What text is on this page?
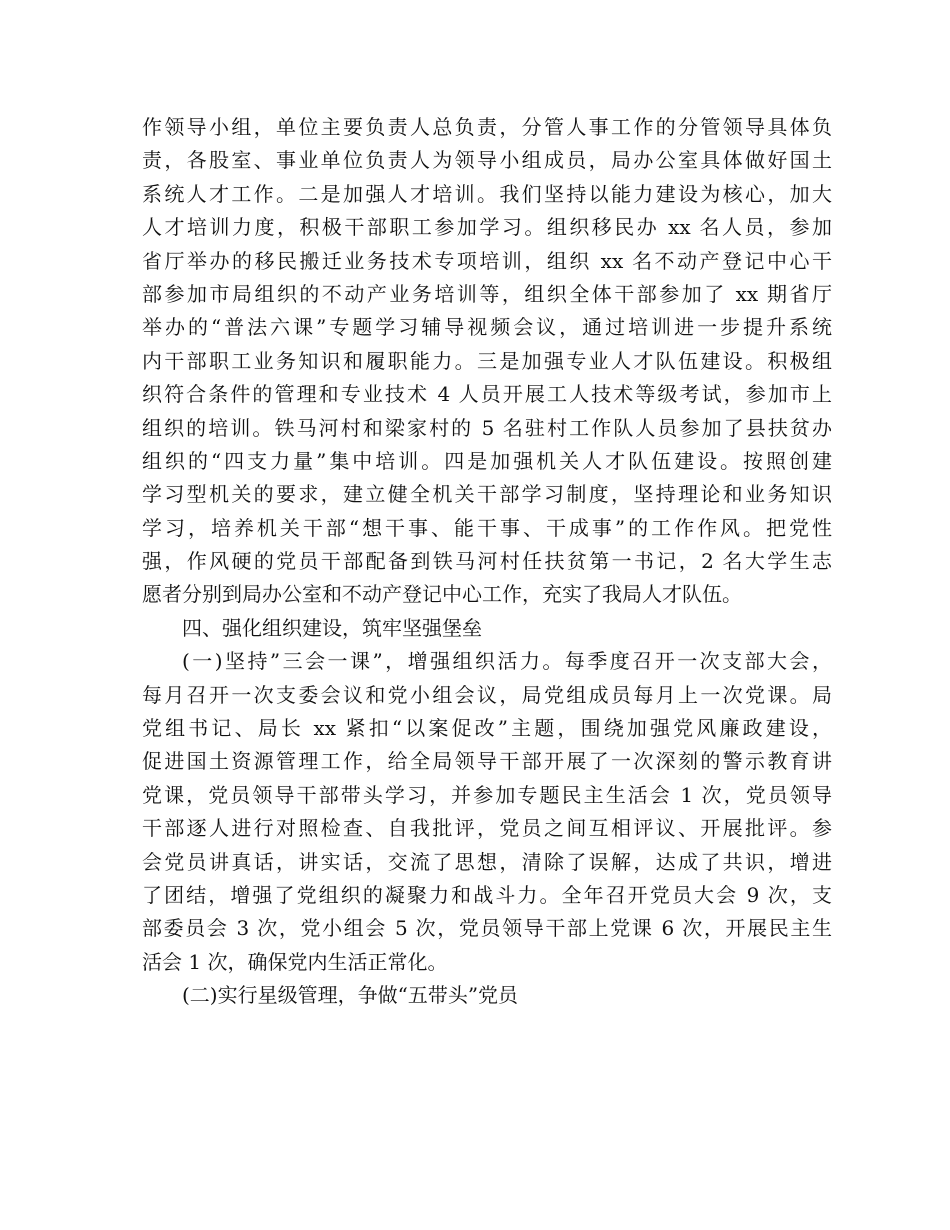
作领导小组，单位主要负责人总负责，分管人事工作的分管领导具体负
责，各股室、事业单位负责人为领导小组成员，局办公室具体做好国土
系统人才工作。二是加强人才培训。我们坚持以能力建设为核心，加大
人才培训力度，积极干部职工参加学习。组织移民办 xx 名人员，参加
省厅举办的移民搬迁业务技术专项培训，组织 xx 名不动产登记中心干
部参加市局组织的不动产业务培训等，组织全体干部参加了 xx 期省厅
举办的“普法六课”专题学习辅导视频会议，通过培训进一步提升系统
内干部职工业务知识和履职能力。三是加强专业人才队伍建设。积极组
织符合条件的管理和专业技术 4 人员开展工人技术等级考试，参加市上
组织的培训。铁马河村和梁家村的 5 名驻村工作队人员参加了县扶贫办
组织的“四支力量”集中培训。四是加强机关人才队伍建设。按照创建
学习型机关的要求，建立健全机关干部学习制度，坚持理论和业务知识
学习，培养机关干部“想干事、能干事、干成事”的工作作风。把党性
强，作风硬的党员干部配备到铁马河村任扶贫第一书记，2 名大学生志
愿者分别到局办公室和不动产登记中心工作，充实了我局人才队伍。
四、强化组织建设，筑牢坚强堡垒
(一)坚持”三会一课”，增强组织活力。每季度召开一次支部大会，
每月召开一次支委会议和党小组会议，局党组成员每月上一次党课。局
党组书记、局长 xx 紧扣“以案促改”主题，围绕加强党风廉政建设，
促进国土资源管理工作，给全局领导干部开展了一次深刻的警示教育讲
党课，党员领导干部带头学习，并参加专题民主生活会 1 次，党员领导
干部逐人进行对照检查、自我批评，党员之间互相评议、开展批评。参
会党员讲真话，讲实话，交流了思想，清除了误解，达成了共识，增进
了团结，增强了党组织的凝聚力和战斗力。全年召开党员大会 9 次，支
部委员会 3 次，党小组会 5 次，党员领导干部上党课 6 次，开展民主生
活会 1 次，确保党内生活正常化。
(二)实行星级管理，争做“五带头”党员
